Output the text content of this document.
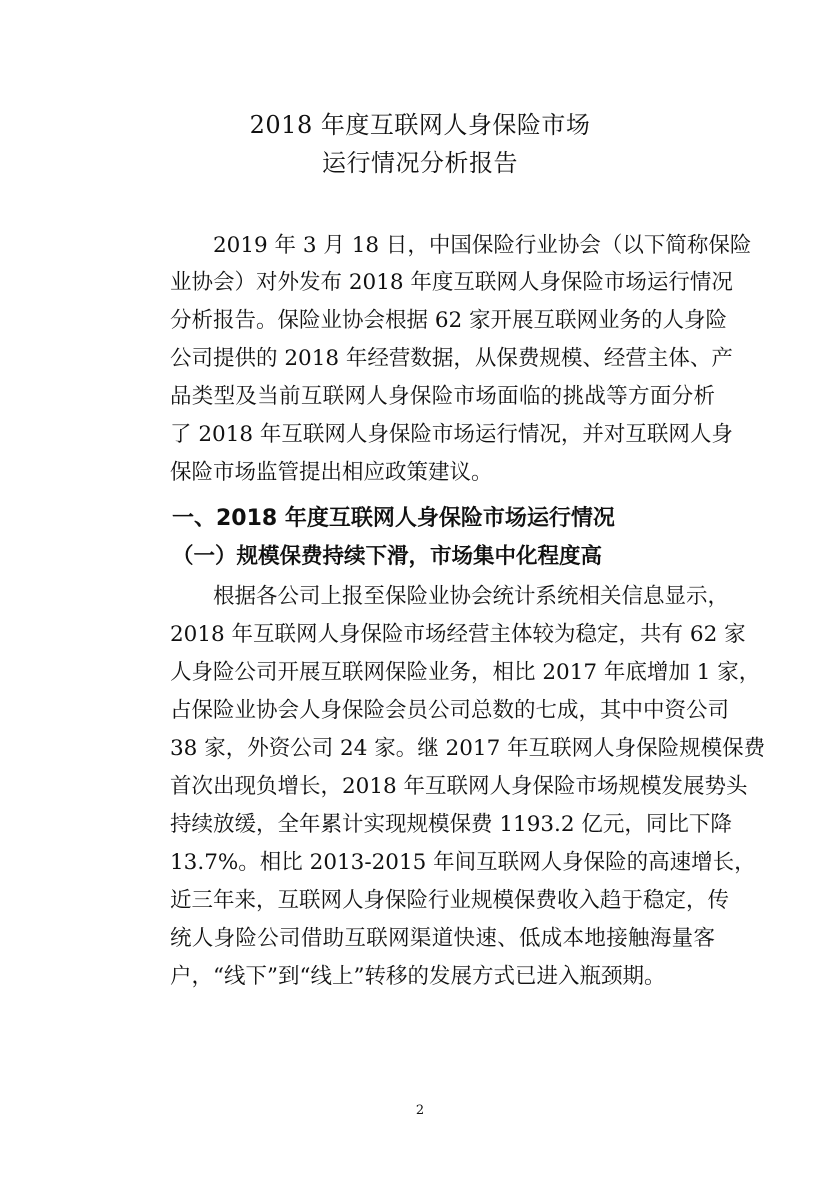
2018 年度互联网人身保险市场
运行情况分析报告
　　2019 年 3 月 18 日，中国保险行业协会（以下简称保险
业协会）对外发布 2018 年度互联网人身保险市场运行情况
分析报告。保险业协会根据 62 家开展互联网业务的人身险
公司提供的 2018 年经营数据，从保费规模、经营主体、产
品类型及当前互联网人身保险市场面临的挑战等方面分析
了 2018 年互联网人身保险市场运行情况，并对互联网人身
保险市场监管提出相应政策建议。
一、2018 年度互联网人身保险市场运行情况
（一）规模保费持续下滑，市场集中化程度高
　　根据各公司上报至保险业协会统计系统相关信息显示，
2018 年互联网人身保险市场经营主体较为稳定，共有 62 家
人身险公司开展互联网保险业务，相比 2017 年底增加 1 家，
占保险业协会人身保险会员公司总数的七成，其中中资公司
38 家，外资公司 24 家。继 2017 年互联网人身保险规模保费
首次出现负增长，2018 年互联网人身保险市场规模发展势头
持续放缓，全年累计实现规模保费 1193.2 亿元，同比下降
13.7%。相比 2013-2015 年间互联网人身保险的高速增长，
近三年来，互联网人身保险行业规模保费收入趋于稳定，传
统人身险公司借助互联网渠道快速、低成本地接触海量客
户，“线下”到“线上”转移的发展方式已进入瓶颈期。
2
